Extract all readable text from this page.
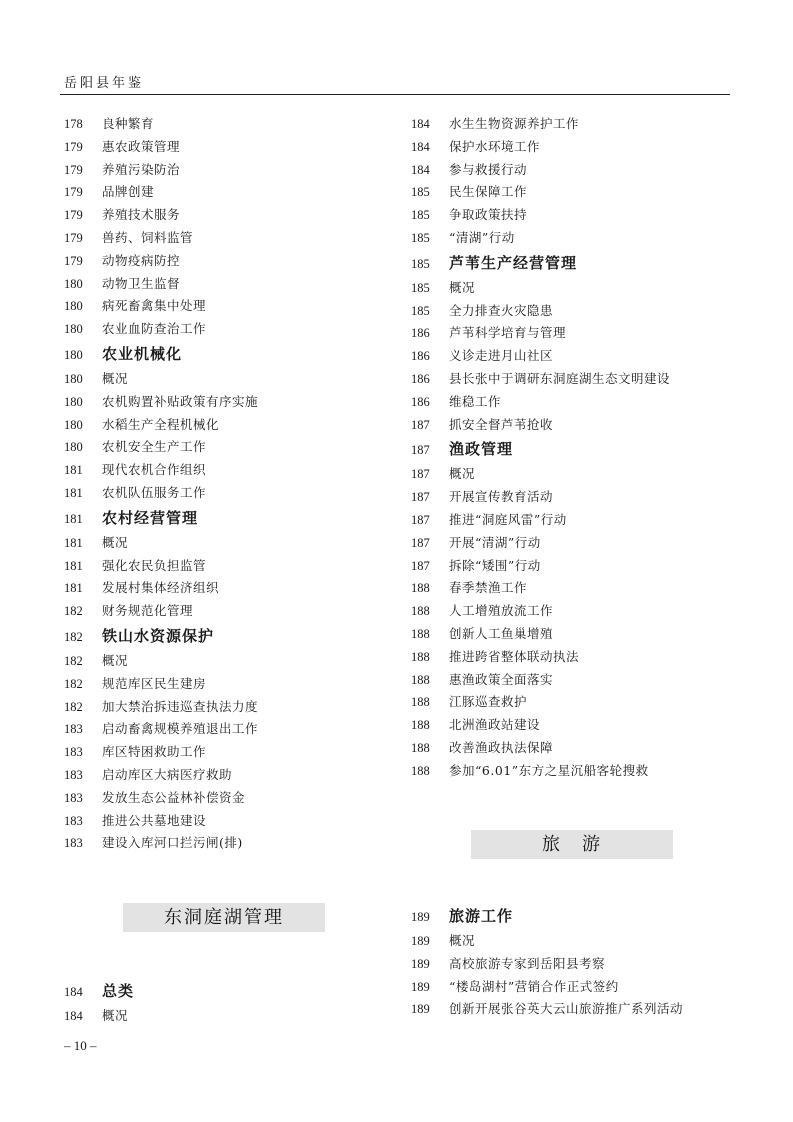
岳阳县年鉴
178	良种繁育
179	惠农政策管理
179	养殖污染防治
179	品牌创建
179	养殖技术服务
179	兽药、饲料监管
179	动物疫病防控
180	动物卫生监督
180	病死畜禽集中处理
180	农业血防查治工作
180	农业机械化
180	概况
180	农机购置补贴政策有序实施
180	水稻生产全程机械化
180	农机安全生产工作
181	现代农机合作组织
181	农机队伍服务工作
181	农村经营管理
181	概况
181	强化农民负担监管
181	发展村集体经济组织
182	财务规范化管理
182	铁山水资源保护
182	概况
182	规范库区民生建房
182	加大禁治拆违巡查执法力度
183	启动畜禽规模养殖退出工作
183	库区特困救助工作
183	启动库区大病医疗救助
183	发放生态公益林补偿资金
183	推进公共墓地建设
183	建设入库河口拦污闸(排)
东洞庭湖管理
184	总类
184	概况
184	水生生物资源养护工作
184	保护水环境工作
184	参与救援行动
185	民生保障工作
185	争取政策扶持
185	“清湖”行动
185	芦苇生产经营管理
185	概况
185	全力排查火灾隐患
186	芦苇科学培育与管理
186	义诊走进月山社区
186	县长张中于调研东洞庭湖生态文明建设
186	维稳工作
187	抓安全督芦苇抢收
187	渔政管理
187	概况
187	开展宣传教育活动
187	推进“洞庭风雷”行动
187	开展“清湖”行动
187	拆除“矮围”行动
188	春季禁渔工作
188	人工增殖放流工作
188	创新人工鱼巢增殖
188	推进跨省整体联动执法
188	惠渔政策全面落实
188	江豚巡查救护
188	北洲渔政站建设
188	改善渔政执法保障
188	参加“6.01”东方之星沉船客轮搜救
旅　游
189	旅游工作
189	概况
189	高校旅游专家到岳阳县考察
189	“楼岛湖村”营销合作正式签约
189	创新开展张谷英大云山旅游推广系列活动
– 10 –
